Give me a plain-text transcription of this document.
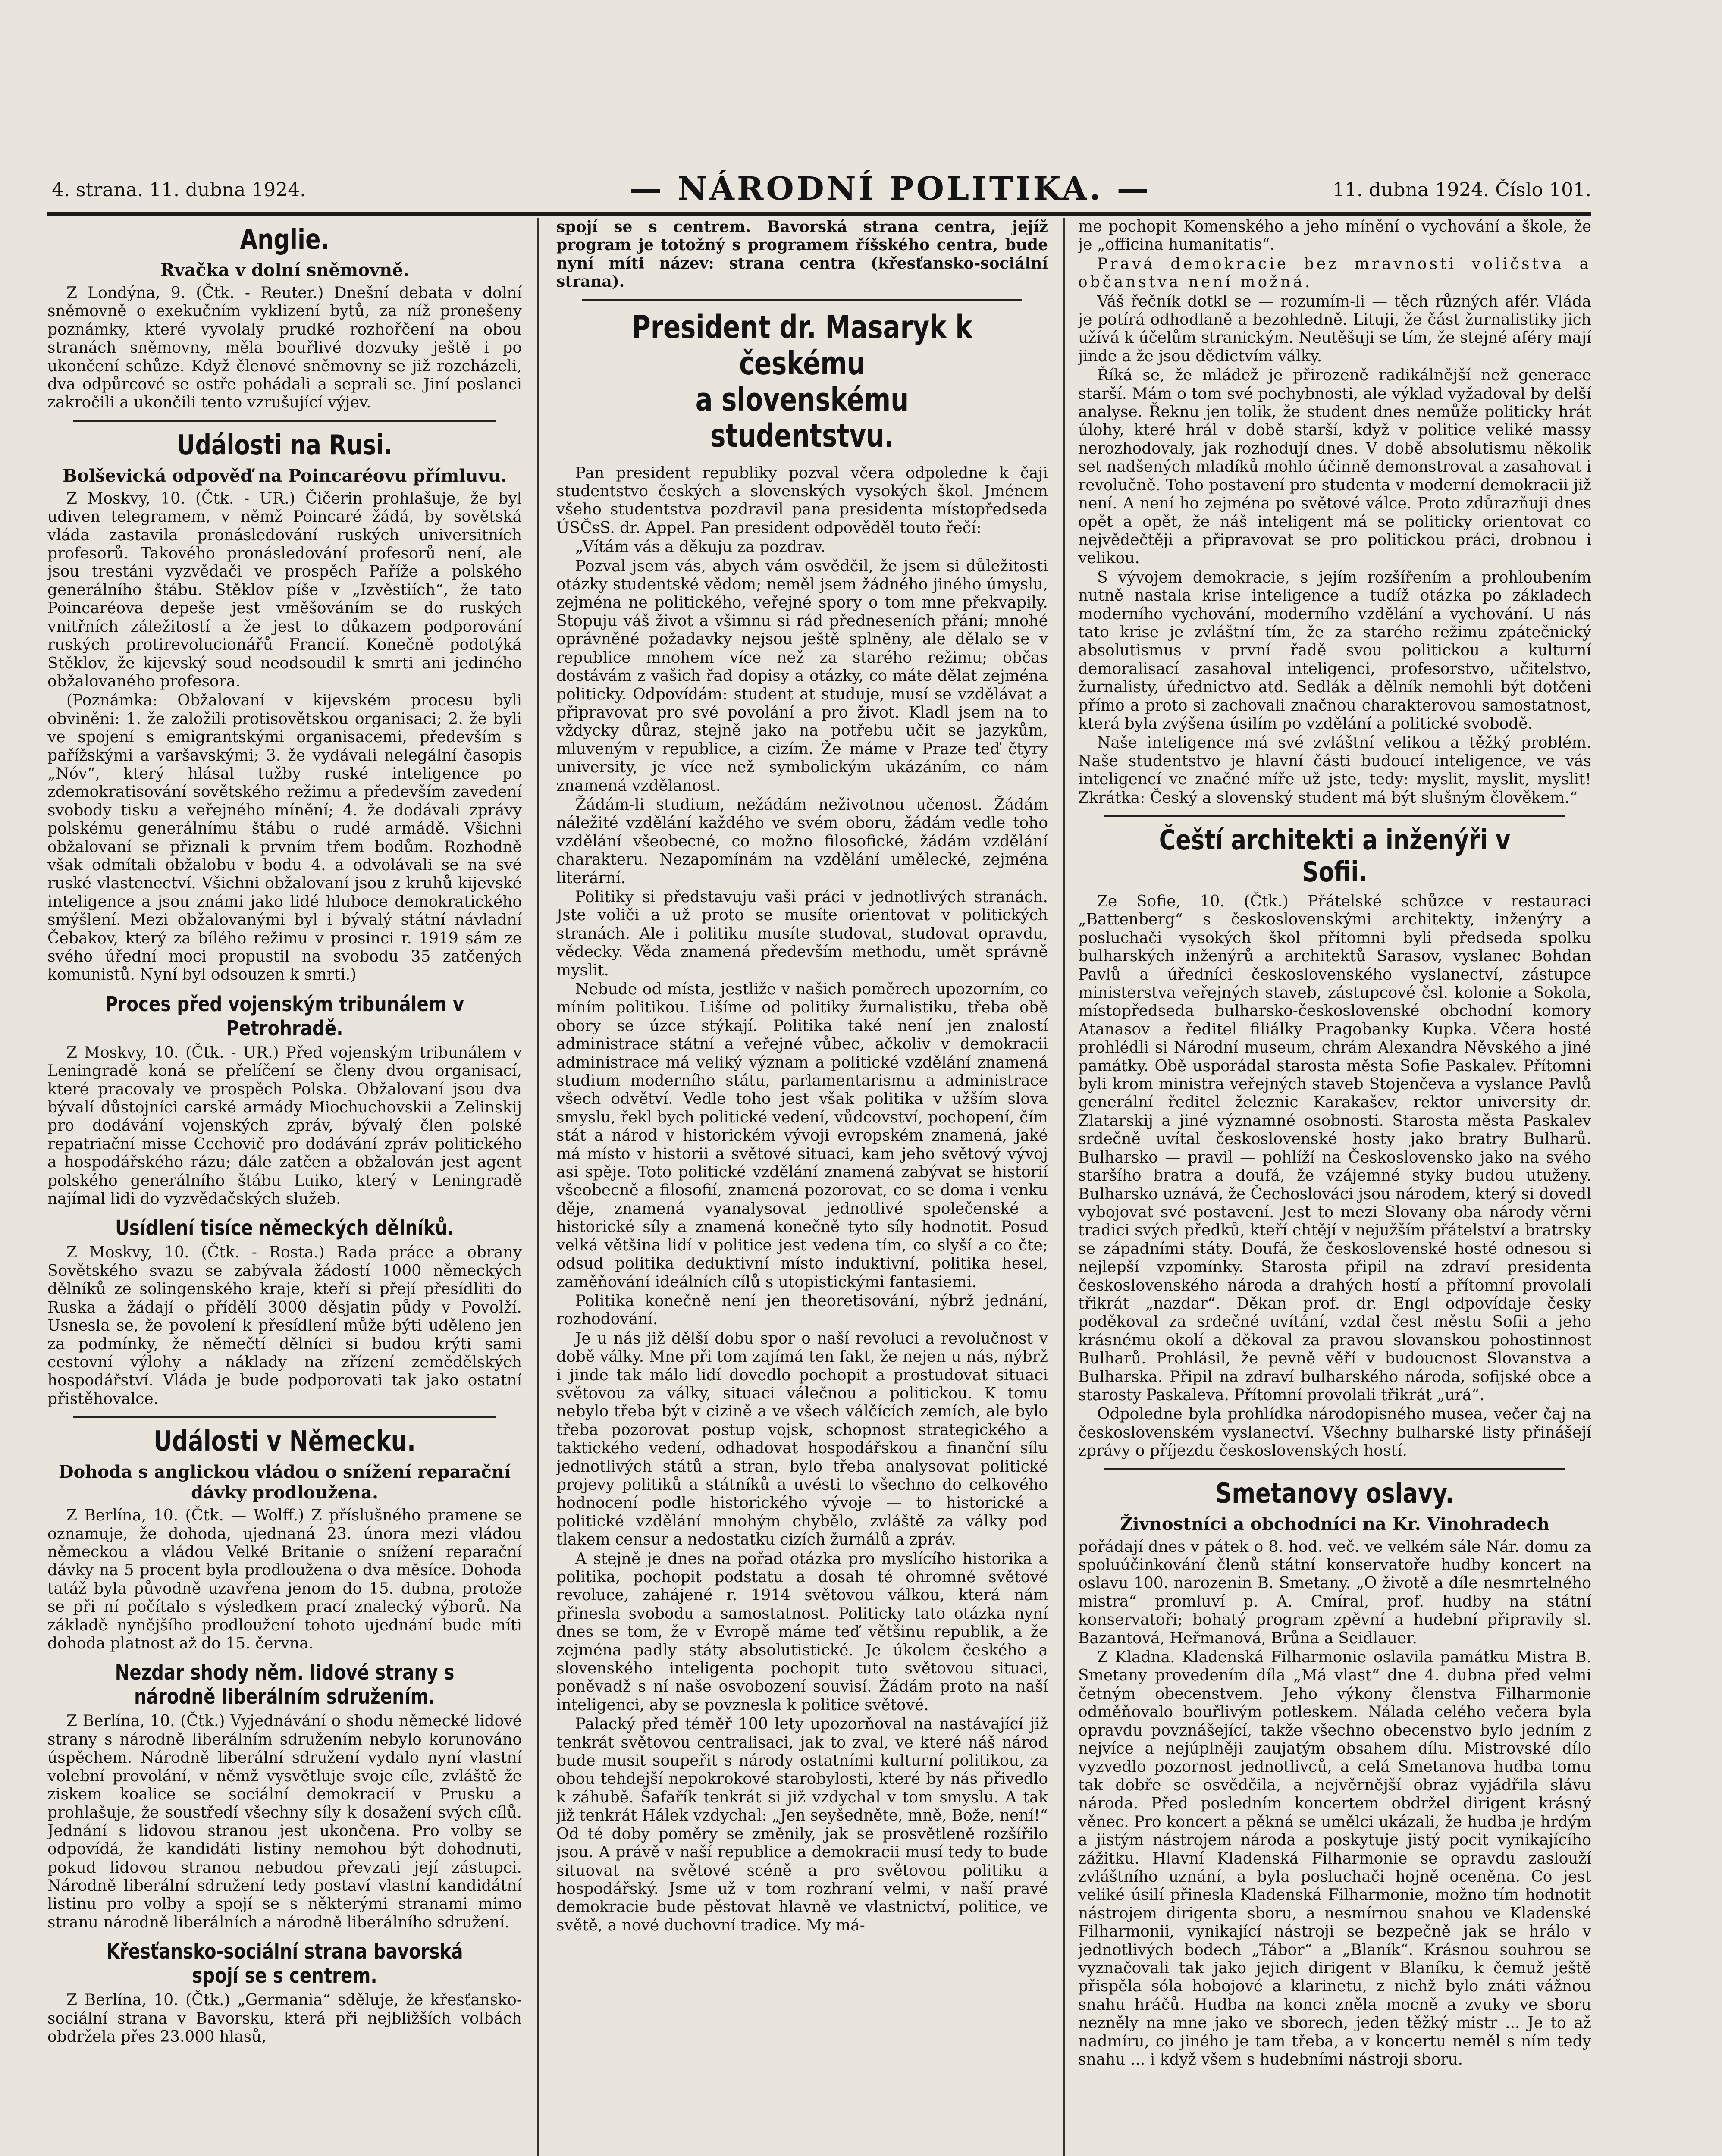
4. strana. 11. dubna 1924.	— NÁRODNÍ POLITIKA. —	11. dubna 1924. Číslo 101.
Anglie.
Rvačka v dolní sněmovně.

Z Londýna, 9. (Čtk. - Reuter.) Dnešní debata v dolní sněmovně o exekučním vyklizení bytů, za níž pronešeny poznámky, které vyvolaly prudké rozhořčení na obou stranách sněmovny, měla bouřlivé dozvuky ještě i po ukončení schůze. Když členové sněmovny se již rozcházeli, dva odpůrcové se ostře pohádali a seprali se. Jiní poslanci zakročili a ukončili tento vzrušující výjev.

Události na Rusi.
Bolševická odpověď na Poincaréovu přímluvu.

Z Moskvy, 10. (Čtk. - UR.) Čičerin prohlašuje, že byl udiven telegramem, v němž Poincaré žádá, by sovětská vláda zastavila pronásledování ruských universitních profesorů. Takového pronásledování profesorů není, ale jsou trestáni vyzvědači ve prospěch Paříže a polského generálního štábu. Stěklov píše v „Izvěstiích“, že tato Poincaréova depeše jest vměšováním se do ruských vnitřních záležitostí a že jest to důkazem podporování ruských protirevolucionářů Francií. Konečně podotýká Stěklov, že kijevský soud neodsoudil k smrti ani jediného obžalovaného profesora.

(Poznámka: Obžalovaní v kijevském procesu byli obviněni: 1. že založili protisovětskou organisaci; 2. že byli ve spojení s emigrantskými organisacemi, především s pařížskými a varšavskými; 3. že vydávali nelegální časopis „Nóv“, který hlásal tužby ruské inteligence po zdemokratisování sovětského režimu a především zavedení svobody tisku a veřejného mínění; 4. že dodávali zprávy polskému generálnímu štábu o rudé armádě. Všichni obžalovaní se přiznali k prvním třem bodům. Rozhodně však odmítali obžalobu v bodu 4. a odvolávali se na své ruské vlastenectví. Všichni obžalovaní jsou z kruhů kijevské inteligence a jsou známi jako lidé hluboce demokratického smýšlení. Mezi obžalovanými byl i bývalý státní návladní Čebakov, který za bílého režimu v prosinci r. 1919 sám ze svého úřední moci propustil na svobodu 35 zatčených komunistů. Nyní byl odsouzen k smrti.)

Proces před vojenským tribunálem v Petrohradě.

Z Moskvy, 10. (Čtk. - UR.) Před vojenským tribunálem v Leningradě koná se přelíčení se členy dvou organisací, které pracovaly ve prospěch Polska. Obžalovaní jsou dva bývalí důstojníci carské armády Miochuchovskii a Zelinskij pro dodávání vojenských zpráv, bývalý člen polské repatriační misse Ccchovič pro dodávání zpráv politického a hospodářského rázu; dále zatčen a obžalován jest agent polského generálního štábu Luiko, který v Leningradě najímal lidi do vyzvědačských služeb.

Usídlení tisíce německých dělníků.

Z Moskvy, 10. (Čtk. - Rosta.) Rada práce a obrany Sovětského svazu se zabývala žádostí 1000 německých dělníků ze solingenského kraje, kteří si přejí přesídliti do Ruska a žádají o přídělí 3000 děsjatin půdy v Povolží. Usnesla se, že povolení k přesídlení může býti uděleno jen za podmínky, že němečtí dělníci si budou krýti sami cestovní výlohy a náklady na zřízení zemědělských hospodářství. Vláda je bude podporovati tak jako ostatní přistěhovalce.

Události v Německu.
Dohoda s anglickou vládou o snížení reparační dávky prodloužena.

Z Berlína, 10. (Čtk. — Wolff.) Z příslušného pramene se oznamuje, že dohoda, ujednaná 23. února mezi vládou německou a vládou Velké Britanie o snížení reparační dávky na 5 procent byla prodloužena o dva měsíce. Dohoda tatáž byla původně uzavřena jenom do 15. dubna, protože se při ní počítalo s výsledkem prací znalecký výborů. Na základě nynějšího prodloužení tohoto ujednání bude míti dohoda platnost až do 15. června.

Nezdar shody něm. lidové strany s národně liberálním sdružením.

Z Berlína, 10. (Čtk.) Vyjednávání o shodu německé lidové strany s národně liberálním sdružením nebylo korunováno úspěchem. Národně liberální sdružení vydalo nyní vlastní volební provolání, v němž vysvětluje svoje cíle, zvláště že ziskem koalice se sociální demokracií v Prusku a prohlašuje, že soustředí všechny síly k dosažení svých cílů. Jednání s lidovou stranou jest ukončena. Pro volby se odpovídá, že kandidáti listiny nemohou být dohodnuti, pokud lidovou stranou nebudou převzati její zástupci. Národně liberální sdružení tedy postaví vlastní kandidátní listinu pro volby a spojí se s některými stranami mimo stranu národně liberálních a národně liberálního sdružení.

Křesťansko-sociální strana bavorská spojí se s centrem.

Z Berlína, 10. (Čtk.) „Germania“ sděluje, že křesťansko-sociální strana v Bavorsku, která při nejbližších volbách obdržela přes 23.000 hlasů,

spojí se s centrem. Bavorská strana centra, jejíž program je totožný s programem říšského centra, bude nyní míti název: strana centra (křesťansko-sociální strana).

President dr. Masaryk k českému
a slovenskému studentstvu.

Pan president republiky pozval včera odpoledne k čaji studentstvo českých a slovenských vysokých škol. Jménem všeho studentstva pozdravil pana presidenta místopředseda ÚSČsS. dr. Appel. Pan president odpověděl touto řečí:

„Vítám vás a děkuju za pozdrav.

Pozval jsem vás, abych vám osvědčil, že jsem si důležitosti otázky studentské vědom; neměl jsem žádného jiného úmyslu, zejména ne politického, veřejné spory o tom mne překvapily. Stopuju váš život a všimnu si rád předneseních přání; mnohé oprávněné požadavky nejsou ještě splněny, ale dělalo se v republice mnohem více než za starého režimu; občas dostávám z vašich řad dopisy a otázky, co máte dělat zejména politicky. Odpovídám: student at studuje, musí se vzdělávat a připravovat pro své povolání a pro život. Kladl jsem na to vždycky důraz, stejně jako na potřebu učit se jazykům, mluveným v republice, a cizím. Že máme v Praze teď čtyry university, je více než symbolickým ukázáním, co nám znamená vzdělanost.

Žádám-li studium, nežádám neživotnou učenost. Žádám náležité vzdělání každého ve svém oboru, žádám vedle toho vzdělání všeobecné, co možno filosofické, žádám vzdělání charakteru. Nezapomínám na vzdělání umělecké, zejména literární.

Politiky si představuju vaši práci v jednotlivých stranách. Jste voliči a už proto se musíte orientovat v politických stranách. Ale i politiku musíte studovat, studovat opravdu, vědecky. Věda znamená především methodu, umět správně myslit.

Nebude od místa, jestliže v našich poměrech upozorním, co míním politikou. Lišíme od politiky žurnalistiku, třeba obě obory se úzce stýkají. Politika také není jen znalostí administrace státní a veřejné vůbec, ačkoliv v demokracii administrace má veliký význam a politické vzdělání znamená studium moderního státu, parlamentarismu a administrace všech odvětví. Vedle toho jest však politika v užším slova smyslu, řekl bych politické vedení, vůdcovství, pochopení, čím stát a národ v historickém vývoji evropském znamená, jaké má místo v historii a světové situaci, kam jeho světový vývoj asi spěje. Toto politické vzdělání znamená zabývat se historií všeobecně a filosofií, znamená pozorovat, co se doma i venku děje, znamená vyanalysovat jednotlivé společenské a historické síly a znamená konečně tyto síly hodnotit. Posud velká většina lidí v politice jest vedena tím, co slyší a co čte; odsud politika deduktivní místo induktivní, politika hesel, zaměňování ideálních cílů s utopistickými fantasiemi.

Politika konečně není jen theoretisování, nýbrž jednání, rozhodování.

Je u nás již dělší dobu spor o naší revoluci a revolučnost v době války. Mne při tom zajímá ten fakt, že nejen u nás, nýbrž i jinde tak málo lidí dovedlo pochopit a prostudovat situaci světovou za války, situaci válečnou a politickou. K tomu nebylo třeba být v cizině a ve všech válčících zemích, ale bylo třeba pozorovat postup vojsk, schopnost strategického a taktického vedení, odhadovat hospodářskou a finanční sílu jednotlivých států a stran, bylo třeba analysovat politické projevy politiků a státníků a uvésti to všechno do celkového hodnocení podle historického vývoje — to historické a politické vzdělání mnohým chybělo, zvláště za války pod tlakem censur a nedostatku cizích žurnálů a zpráv.

A stejně je dnes na pořad otázka pro myslícího historika a politika, pochopit podstatu a dosah té ohromné světové revoluce, zahájené r. 1914 světovou válkou, která nám přinesla svobodu a samostatnost. Politicky tato otázka nyní dnes se tom, že v Evropě máme teď většinu republik, a že zejména padly státy absolutistické. Je úkolem českého a slovenského inteligenta pochopit tuto světovou situaci, poněvadž s ní naše osvobození souvisí. Žádám proto na naší inteligenci, aby se povznesla k politice světové.

Palacký před téměř 100 lety upozorňoval na nastávající již tenkrát světovou centralisaci, jak to zval, ve které náš národ bude musit soupeřit s národy ostatními kulturní politikou, za obou tehdejší nepokrokové starobylosti, které by nás přivedlo k záhubě. Šafařík tenkrát si již vzdychal v tom smyslu. A tak již tenkrát Hálek vzdychal: „Jen seyšedněte, mně, Bože, není!“ Od té doby poměry se změnily, jak se prosvětleně rozšířilo jsou. A právě v naší republice a demokracii musí tedy to bude situovat na světové scéně a pro světovou politiku a hospodářský. Jsme už v tom rozhraní velmi, v naší pravé demokracie bude pěstovat hlavně ve vlastnictví, politice, ve světě, a nové duchovní tradice. My má-

me pochopit Komenského a jeho mínění o vychování a škole, že je „officina humanitatis“.

Pravá demokracie bez mravnosti voličstva a občanstva není možná.

Váš řečník dotkl se — rozumím-li — těch různých afér. Vláda je potírá odhodlaně a bezohledně. Lituji, že část žurnalistiky jich užívá k účelům stranickým. Neutěšuji se tím, že stejné aféry mají jinde a že jsou dědictvím války.

Říká se, že mládež je přirozeně radikálnější než generace starší. Mám o tom své pochybnosti, ale výklad vyžadoval by delší analyse. Řeknu jen tolik, že student dnes nemůže politicky hrát úlohy, které hrál v době starší, když v politice veliké massy nerozhodovaly, jak rozhodují dnes. V době absolutismu několik set nadšených mladíků mohlo účinně demonstrovat a zasahovat i revolučně. Toho postavení pro studenta v moderní demokracii již není. A není ho zejména po světové válce. Proto zdůrazňuji dnes opět a opět, že náš inteligent má se politicky orientovat co nejvědečtěji a připravovat se pro politickou práci, drobnou i velikou.

S vývojem demokracie, s jejím rozšířením a prohloubením nutně nastala krise inteligence a tudíž otázka po základech moderního vychování, moderního vzdělání a vychování. U nás tato krise je zvláštní tím, že za starého režimu zpátečnický absolutismus v první řadě svou politickou a kulturní demoralisací zasahoval inteligenci, profesorstvo, učitelstvo, žurnalisty, úřednictvo atd. Sedlák a dělník nemohli být dotčeni přímo a proto si zachovali značnou charakterovou samostatnost, která byla zvýšena úsilím po vzdělání a politické svobodě.

Naše inteligence má své zvláštní velikou a těžký problém. Naše studentstvo je hlavní části budoucí inteligence, ve vás inteligencí ve značné míře už jste, tedy: myslit, myslit, myslit! Zkrátka: Český a slovenský student má být slušným člověkem.“

Čeští architekti a inženýři v Sofii.

Ze Sofie, 10. (Čtk.) Přátelské schůzce v restauraci „Battenberg“ s československými architekty, inženýry a posluchači vysokých škol přítomni byli předseda spolku bulharských inženýrů a architektů Sarasov, vyslanec Bohdan Pavlů a úředníci československého vyslanectví, zástupce ministerstva veřejných staveb, zástupcové čsl. kolonie a Sokola, místopředseda bulharsko-československé obchodní komory Atanasov a ředitel filiálky Pragobanky Kupka. Včera hosté prohlédli si Národní museum, chrám Alexandra Něvského a jiné památky. Obě usporádal starosta města Sofie Paskalev. Přítomni byli krom ministra veřejných staveb Stojenčeva a vyslance Pavlů generální ředitel železnic Karakašev, rektor university dr. Zlatarskij a jiné významné osobnosti. Starosta města Paskalev srdečně uvítal československé hosty jako bratry Bulharů. Bulharsko — pravil — pohlíží na Československo jako na svého staršího bratra a doufá, že vzájemné styky budou utuženy. Bulharsko uznává, že Čechoslováci jsou národem, který si dovedl vybojovat své postavení. Jest to mezi Slovany oba národy věrni tradici svých předků, kteří chtějí v nejužším přátelství a bratrsky se západními státy. Doufá, že československé hosté odnesou si nejlepší vzpomínky. Starosta připil na zdraví presidenta československého národa a drahých hostí a přítomní provolali třikrát „nazdar“. Děkan prof. dr. Engl odpovídaje česky poděkoval za srdečné uvítání, vzdal čest městu Sofii a jeho krásnému okolí a děkoval za pravou slovanskou pohostinnost Bulharů. Prohlásil, že pevně věří v budoucnost Slovanstva a Bulharska. Připil na zdraví bulharského národa, sofijské obce a starosty Paskaleva. Přítomní provolali třikrát „urá“.

Odpoledne byla prohlídka národopisného musea, večer čaj na československém vyslanectví. Všechny bulharské listy přinášejí zprávy o příjezdu československých hostí.

Smetanovy oslavy.
Živnostníci a obchodníci na Kr. Vinohradech

pořádají dnes v pátek o 8. hod. več. ve velkém sále Nár. domu za spoluúčinkování členů státní konservatoře hudby koncert na oslavu 100. narozenin B. Smetany. „O životě a díle nesmrtelného mistra“ promluví p. A. Cmíral, prof. hudby na státní konservatoři; bohatý program zpěvní a hudební připravily sl. Bazantová, Heřmanová, Brůna a Seidlauer.

Z Kladna. Kladenská Filharmonie oslavila památku Mistra B. Smetany provedením díla „Má vlast“ dne 4. dubna před velmi četným obecenstvem. Jeho výkony členstva Filharmonie odměňovalo bouřlivým potleskem. Nálada celého večera byla opravdu povznášející, takže všechno obecenstvo bylo jedním z nejvíce a nejúplněji zaujatým obsahem dílu. Mistrovské dílo vyzvedlo pozornost jednotlivců, a celá Smetanova hudba tomu tak dobře se osvědčila, a nejvěrnější obraz vyjádřila slávu národa. Před posledním koncertem obdržel dirigent krásný věnec. Pro koncert a pěkná se umělci ukázali, že hudba je hrdým a jistým nástrojem národa a poskytuje jistý pocit vynikajícího zážitku. Hlavní Kladenská Filharmonie se opravdu zaslouží zvláštního uznání, a byla posluchači hojně oceněna. Co jest veliké úsilí přinesla Kladenská Filharmonie, možno tím hodnotit nástrojem dirigenta sboru, a nesmírnou snahou ve Kladenské Filharmonii, vynikající nástroji se bezpečně jak se hrálo v jednotlivých bodech „Tábor“ a „Blaník“. Krásnou souhrou se vyznačovali tak jako jejich dirigent v Blaníku, k čemuž ještě přispěla sóla hobojové a klarinetu, z nichž bylo znáti vážnou snahu hráčů. Hudba na konci zněla mocně a zvuky ve sboru nezněly na mne jako ve sborech, jeden těžký mistr ... Je to až nadmíru, co jiného je tam třeba, a v koncertu neměl s ním tedy snahu ... i když všem s hudebními nástroji sboru.
